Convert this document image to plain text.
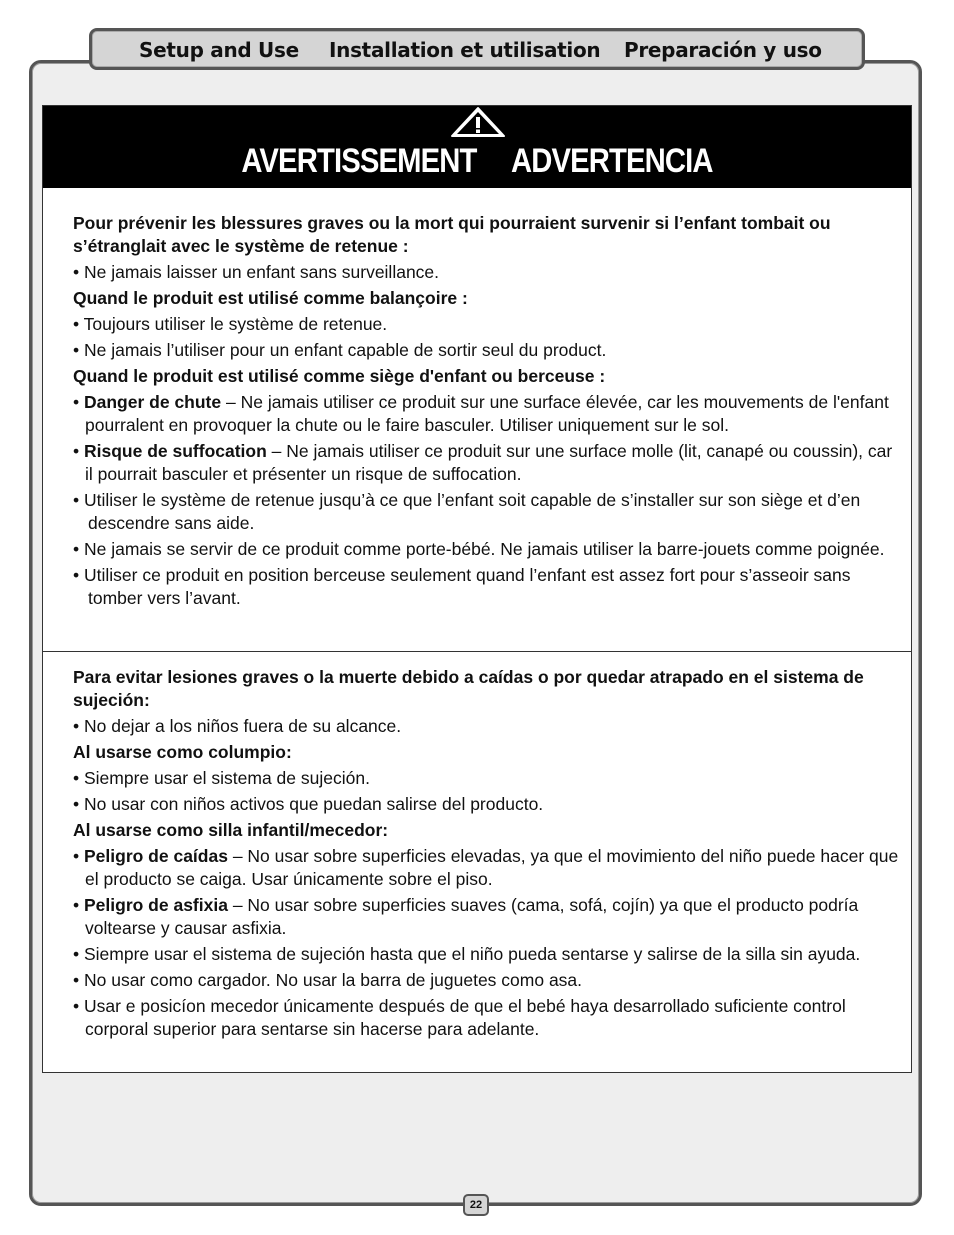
Setup and Use Installation et utilisation Preparación y uso
AVERTISSEMENT ADVERTENCIA

Pour prévenir les blessures graves ou la mort qui pourraient survenir si l’enfant tombait ou s’étranglait avec le système de retenue :

• Ne jamais laisser un enfant sans surveillance.

Quand le produit est utilisé comme balançoire :

• Toujours utiliser le système de retenue.

• Ne jamais l’utiliser pour un enfant capable de sortir seul du product.

Quand le produit est utilisé comme siège d'enfant ou berceuse :

• Danger de chute – Ne jamais utiliser ce produit sur une surface élevée, car les mouvements de l'enfant pourralent en provoquer la chute ou le faire basculer. Utiliser uniquement sur le sol.

• Risque de suffocation – Ne jamais utiliser ce produit sur une surface molle (lit, canapé ou coussin), car il pourrait basculer et présenter un risque de suffocation.

• Utiliser le système de retenue jusqu’à ce que l’enfant soit capable de s’installer sur son siège et d’en descendre sans aide.

• Ne jamais se servir de ce produit comme porte-bébé. Ne jamais utiliser la barre-jouets comme poignée.

• Utiliser ce produit en position berceuse seulement quand l’enfant est assez fort pour s’asseoir sans tomber vers l’avant.

Para evitar lesiones graves o la muerte debido a caídas o por quedar atrapado en el sistema de sujeción:

• No dejar a los niños fuera de su alcance.

Al usarse como columpio:

• Siempre usar el sistema de sujeción.

• No usar con niños activos que puedan salirse del producto.

Al usarse como silla infantil/mecedor:

• Peligro de caídas – No usar sobre superficies elevadas, ya que el movimiento del niño puede hacer que el producto se caiga. Usar únicamente sobre el piso.

• Peligro de asfixia – No usar sobre superficies suaves (cama, sofá, cojín) ya que el producto podría voltearse y causar asfixia.

• Siempre usar el sistema de sujeción hasta que el niño pueda sentarse y salirse de la silla sin ayuda.

• No usar como cargador. No usar la barra de juguetes como asa.

• Usar e posicíon mecedor únicamente después de que el bebé haya desarrollado suficiente control corporal superior para sentarse sin hacerse para adelante.

22
